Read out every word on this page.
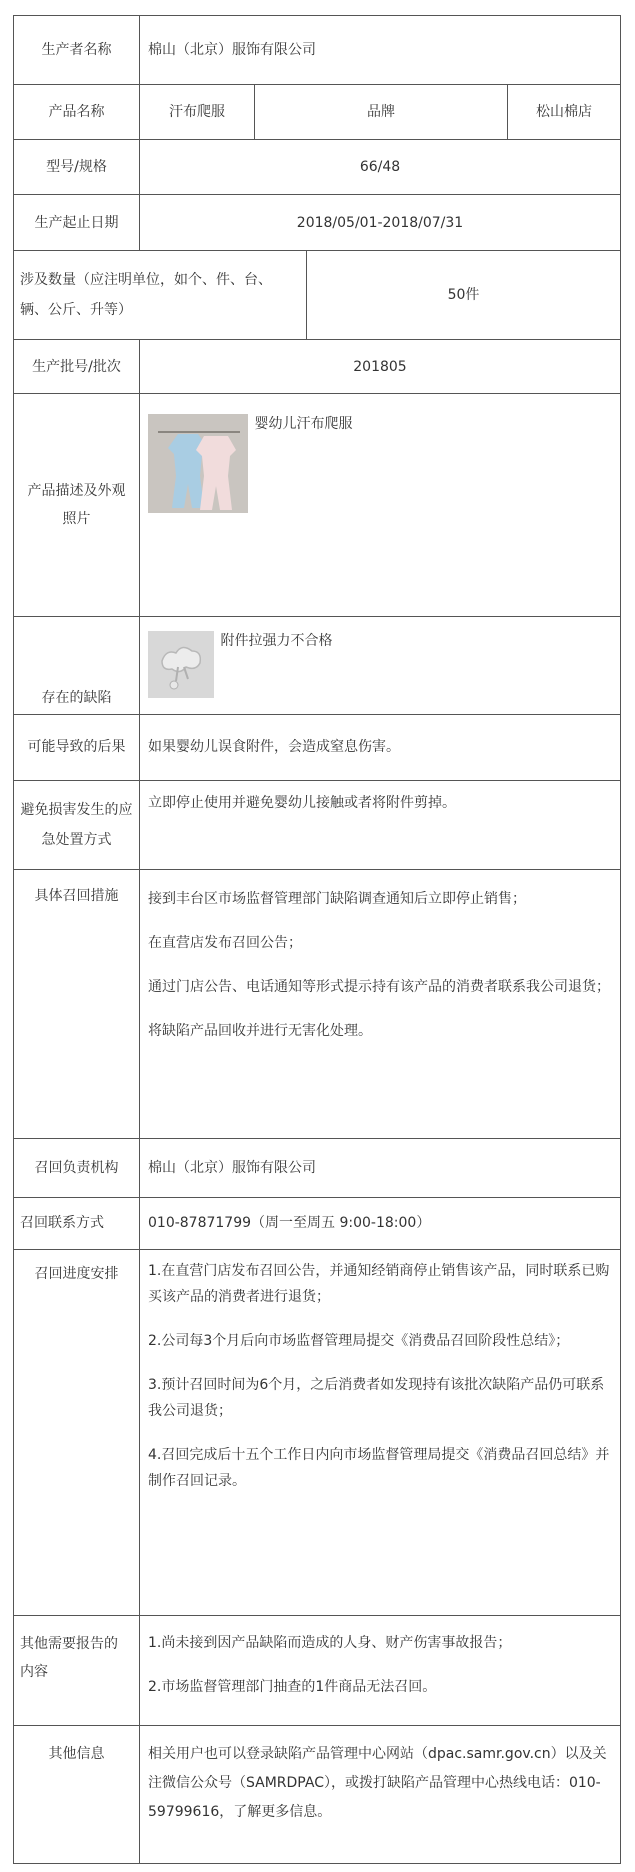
生产者名称	棉山（北京）服饰有限公司			
产品名称	汗布爬服	品牌		松山棉店
型号/规格	66/48			
生产起止日期	2018/05/01-2018/07/31			
涉及数量（应注明单位，如个、件、台、辆、公斤、升等）			50件	
生产批号/批次	201805			
产品描述及外观照片	婴幼儿汗布爬服			
存在的缺陷	附件拉强力不合格			
可能导致的后果	如果婴幼儿误食附件，会造成窒息伤害。			
避免损害发生的应急处置方式	立即停止使用并避免婴幼儿接触或者将附件剪掉。			
具体召回措施	接到丰台区市场监督管理部门缺陷调查通知后立即停止销售；

在直营店发布召回公告；

通过门店公告、电话通知等形式提示持有该产品的消费者联系我公司退货；

将缺陷产品回收并进行无害化处理。			

召回负责机构	棉山（北京）服饰有限公司			
召回联系方式	010-87871799（周一至周五 9:00-18:00）			
召回进度安排	1.在直营门店发布召回公告，并通知经销商停止销售该产品，同时联系已购买该产品的消费者进行退货；

2.公司每3个月后向市场监督管理局提交《消费品召回阶段性总结》；

3.预计召回时间为6个月，之后消费者如发现持有该批次缺陷产品仍可联系我公司退货；

4.召回完成后十五个工作日内向市场监督管理局提交《消费品召回总结》并制作召回记录。			

其他需要报告的内容	1.尚未接到因产品缺陷而造成的人身、财产伤害事故报告；

2.市场监督管理部门抽查的1件商品无法召回。			

其他信息	相关用户也可以登录缺陷产品管理中心网站（dpac.samr.gov.cn）以及关注微信公众号（SAMRDPAC），或拨打缺陷产品管理中心热线电话：010-59799616，了解更多信息。			
